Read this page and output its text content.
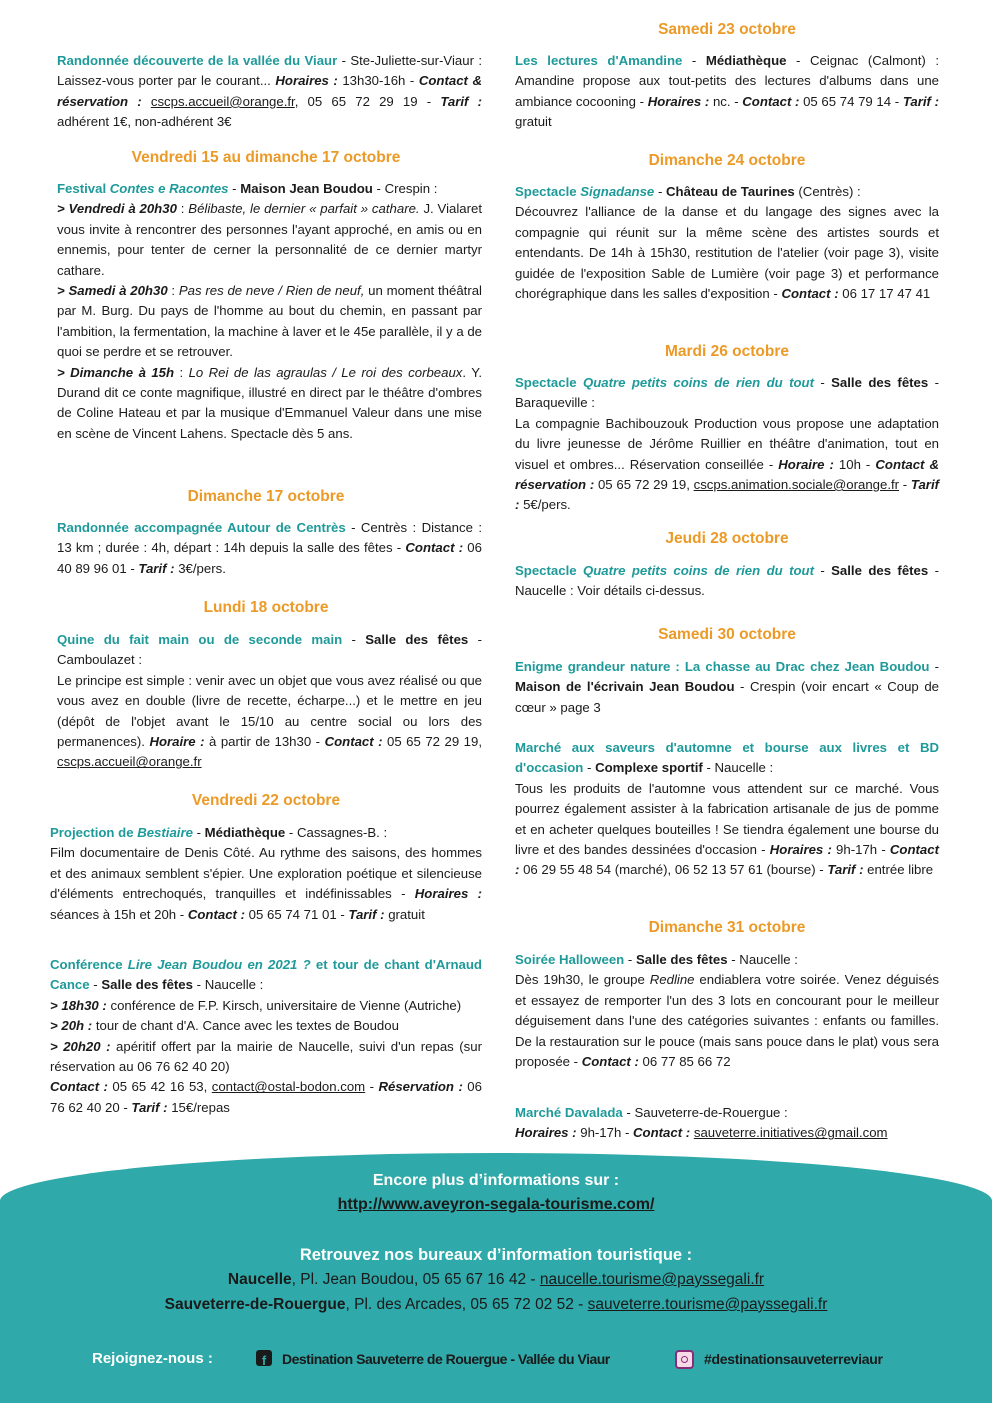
Randonnée découverte de la vallée du Viaur - Ste-Juliette-sur-Viaur : Laissez-vous porter par le courant... Horaires : 13h30-16h - Contact & réservation : cscps.accueil@orange.fr, 05 65 72 29 19 - Tarif : adhérent 1€, non-adhérent 3€

Vendredi 15 au dimanche 17 octobre

Festival Contes e Racontes - Maison Jean Boudou - Crespin :

> Vendredi à 20h30 : Bélibaste, le dernier « parfait » cathare. J. Vialaret vous invite à rencontrer des personnes l'ayant approché, en amis ou en ennemis, pour tenter de cerner la personnalité de ce dernier martyr cathare.

> Samedi à 20h30 : Pas res de neve / Rien de neuf, un moment théâtral par M. Burg. Du pays de l'homme au bout du chemin, en passant par l'ambition, la fermentation, la machine à laver et le 45e parallèle, il y a de quoi se perdre et se retrouver.

> Dimanche à 15h : Lo Rei de las agraulas / Le roi des corbeaux. Y. Durand dit ce conte magnifique, illustré en direct par le théâtre d'ombres de Coline Hateau et par la musique d'Emmanuel Valeur dans une mise en scène de Vincent Lahens. Spectacle dès 5 ans.

Dimanche 17 octobre

Randonnée accompagnée Autour de Centrès - Centrès : Distance : 13 km ; durée : 4h, départ : 14h depuis la salle des fêtes - Contact : 06 40 89 96 01 - Tarif : 3€/pers.

Lundi 18 octobre

Quine du fait main ou de seconde main - Salle des fêtes - Camboulazet :

Le principe est simple : venir avec un objet que vous avez réalisé ou que vous avez en double (livre de recette, écharpe...) et le mettre en jeu (dépôt de l'objet avant le 15/10 au centre social ou lors des permanences). Horaire : à partir de 13h30 - Contact : 05 65 72 29 19, cscps.accueil@orange.fr

Vendredi 22 octobre

Projection de Bestiaire - Médiathèque - Cassagnes-B. :

Film documentaire de Denis Côté. Au rythme des saisons, des hommes et des animaux semblent s'épier. Une exploration poétique et silencieuse d'éléments entrechoqués, tranquilles et indéfinissables - Horaires : séances à 15h et 20h - Contact : 05 65 74 71 01 - Tarif : gratuit

Conférence Lire Jean Boudou en 2021 ? et tour de chant d'Arnaud Cance - Salle des fêtes - Naucelle :

> 18h30 : conférence de F.P. Kirsch, universitaire de Vienne (Autriche)

> 20h : tour de chant d'A. Cance avec les textes de Boudou

> 20h20 : apéritif offert par la mairie de Naucelle, suivi d'un repas (sur réservation au 06 76 62 40 20)

Contact : 05 65 42 16 53, contact@ostal-bodon.com - Réservation : 06 76 62 40 20 - Tarif : 15€/repas

Samedi 23 octobre

Les lectures d'Amandine - Médiathèque - Ceignac (Calmont) : Amandine propose aux tout-petits des lectures d'albums dans une ambiance cocooning - Horaires : nc. - Contact : 05 65 74 79 14 - Tarif : gratuit

Dimanche 24 octobre

Spectacle Signadanse - Château de Taurines (Centrès) :

Découvrez l'alliance de la danse et du langage des signes avec la compagnie qui réunit sur la même scène des artistes sourds et entendants. De 14h à 15h30, restitution de l'atelier (voir page 3), visite guidée de l'exposition Sable de Lumière (voir page 3) et performance chorégraphique dans les salles d'exposition - Contact : 06 17 17 47 41

Mardi 26 octobre

Spectacle Quatre petits coins de rien du tout - Salle des fêtes - Baraqueville :

La compagnie Bachibouzouk Production vous propose une adaptation du livre jeunesse de Jérôme Ruillier en théâtre d'animation, tout en visuel et ombres... Réservation conseillée - Horaire : 10h - Contact & réservation : 05 65 72 29 19, cscps.animation.sociale@orange.fr - Tarif : 5€/pers.

Jeudi 28 octobre

Spectacle Quatre petits coins de rien du tout - Salle des fêtes - Naucelle : Voir détails ci-dessus.

Samedi 30 octobre

Enigme grandeur nature : La chasse au Drac chez Jean Boudou - Maison de l'écrivain Jean Boudou - Crespin (voir encart « Coup de cœur » page 3

Marché aux saveurs d'automne et bourse aux livres et BD d'occasion - Complexe sportif - Naucelle :

Tous les produits de l'automne vous attendent sur ce marché. Vous pourrez également assister à la fabrication artisanale de jus de pomme et en acheter quelques bouteilles ! Se tiendra également une bourse du livre et des bandes dessinées d'occasion - Horaires : 9h-17h - Contact : 06 29 55 48 54 (marché), 06 52 13 57 61 (bourse) - Tarif : entrée libre

Dimanche 31 octobre

Soirée Halloween - Salle des fêtes - Naucelle :

Dès 19h30, le groupe Redline endiablera votre soirée. Venez déguisés et essayez de remporter l'un des 3 lots en concourant pour le meilleur déguisement dans l'une des catégories suivantes : enfants ou familles. De la restauration sur le pouce (mais sans pouce dans le plat) vous sera proposée - Contact : 06 77 85 66 72

Marché Davalada - Sauveterre-de-Rouergue :

Horaires : 9h-17h - Contact : sauveterre.initiatives@gmail.com

Encore plus d’informations sur :
http://www.aveyron-segala-tourisme.com/
Retrouvez nos bureaux d’information touristique :
Naucelle, Pl. Jean Boudou, 05 65 67 16 42 - naucelle.tourisme@payssegali.fr
Sauveterre-de-Rouergue, Pl. des Arcades, 05 65 72 02 52 - sauveterre.tourisme@payssegali.fr
Rejoignez-nous :	f	Destination Sauveterre de Rouergue - Vallée du Viaur	#destinationsauveterreviaur
